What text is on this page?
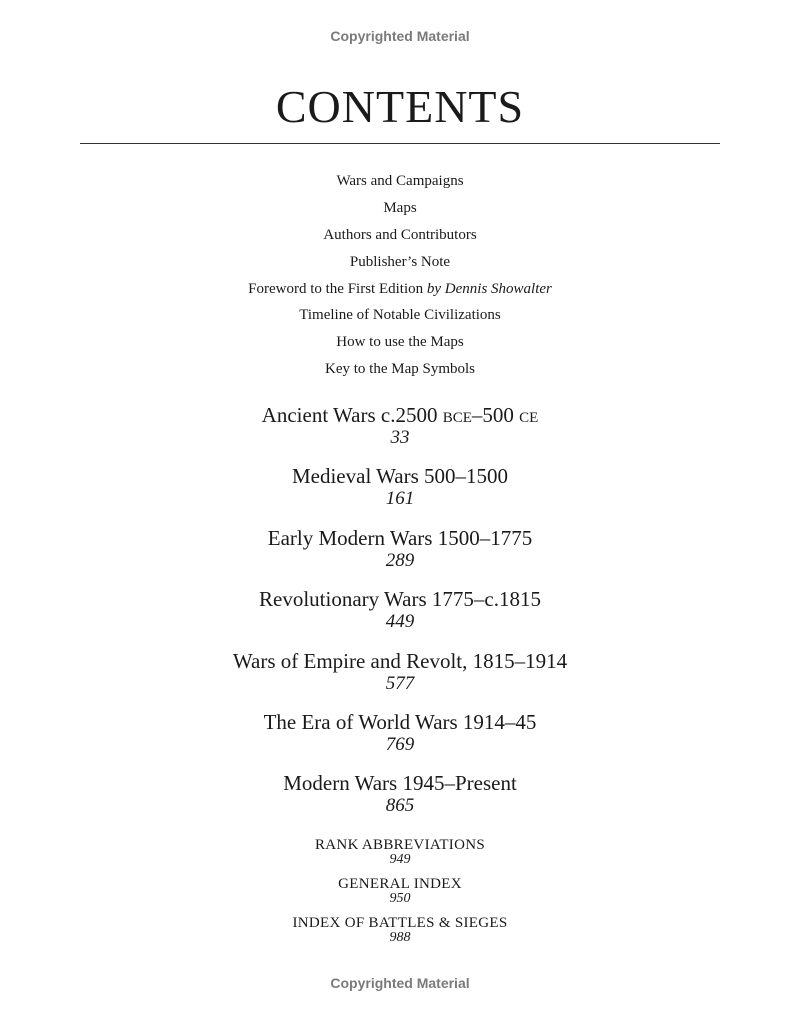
Copyrighted Material
CONTENTS
Wars and Campaigns
Maps
Authors and Contributors
Publisher’s Note
Foreword to the First Edition by Dennis Showalter
Timeline of Notable Civilizations
How to use the Maps
Key to the Map Symbols
Ancient Wars c.2500 bce–500 ce
33
Medieval Wars 500–1500
161
Early Modern Wars 1500–1775
289
Revolutionary Wars 1775–c.1815
449
Wars of Empire and Revolt, 1815–1914
577
The Era of World Wars 1914–45
769
Modern Wars 1945–Present
865
RANK ABBREVIATIONS
949
GENERAL INDEX
950
INDEX OF BATTLES & SIEGES
988
Copyrighted Material
